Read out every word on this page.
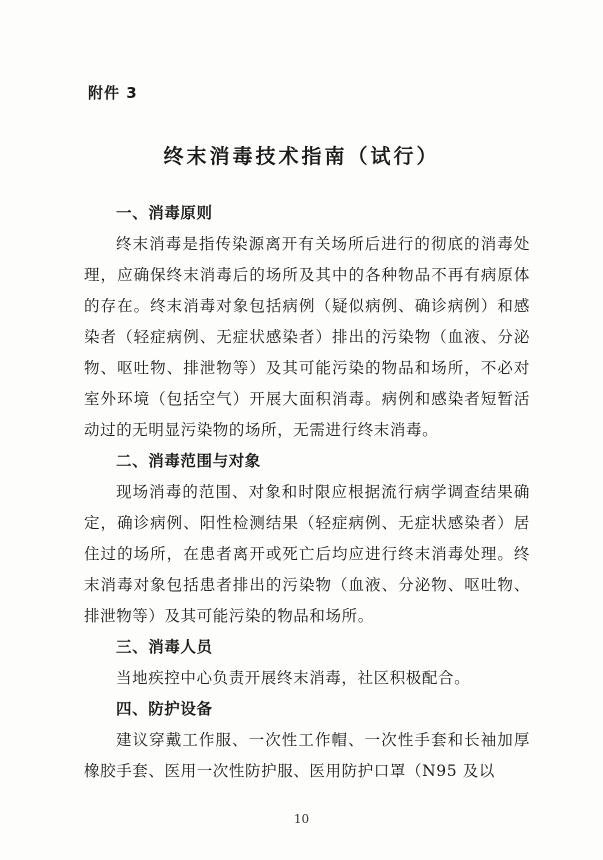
附件 3
终末消毒技术指南（试行）
一、消毒原则

终末消毒是指传染源离开有关场所后进行的彻底的消毒处理，应确保终末消毒后的场所及其中的各种物品不再有病原体的存在。终末消毒对象包括病例（疑似病例、确诊病例）和感染者（轻症病例、无症状感染者）排出的污染物（血液、分泌物、呕吐物、排泄物等）及其可能污染的物品和场所，不必对室外环境（包括空气）开展大面积消毒。病例和感染者短暂活动过的无明显污染物的场所，无需进行终末消毒。

二、消毒范围与对象

现场消毒的范围、对象和时限应根据流行病学调查结果确定，确诊病例、阳性检测结果（轻症病例、无症状感染者）居住过的场所，在患者离开或死亡后均应进行终末消毒处理。终末消毒对象包括患者排出的污染物（血液、分泌物、呕吐物、排泄物等）及其可能污染的物品和场所。

三、消毒人员

当地疾控中心负责开展终末消毒，社区积极配合。

四、防护设备

建议穿戴工作服、一次性工作帽、一次性手套和长袖加厚橡胶手套、医用一次性防护服、医用防护口罩（N95 及以

10
